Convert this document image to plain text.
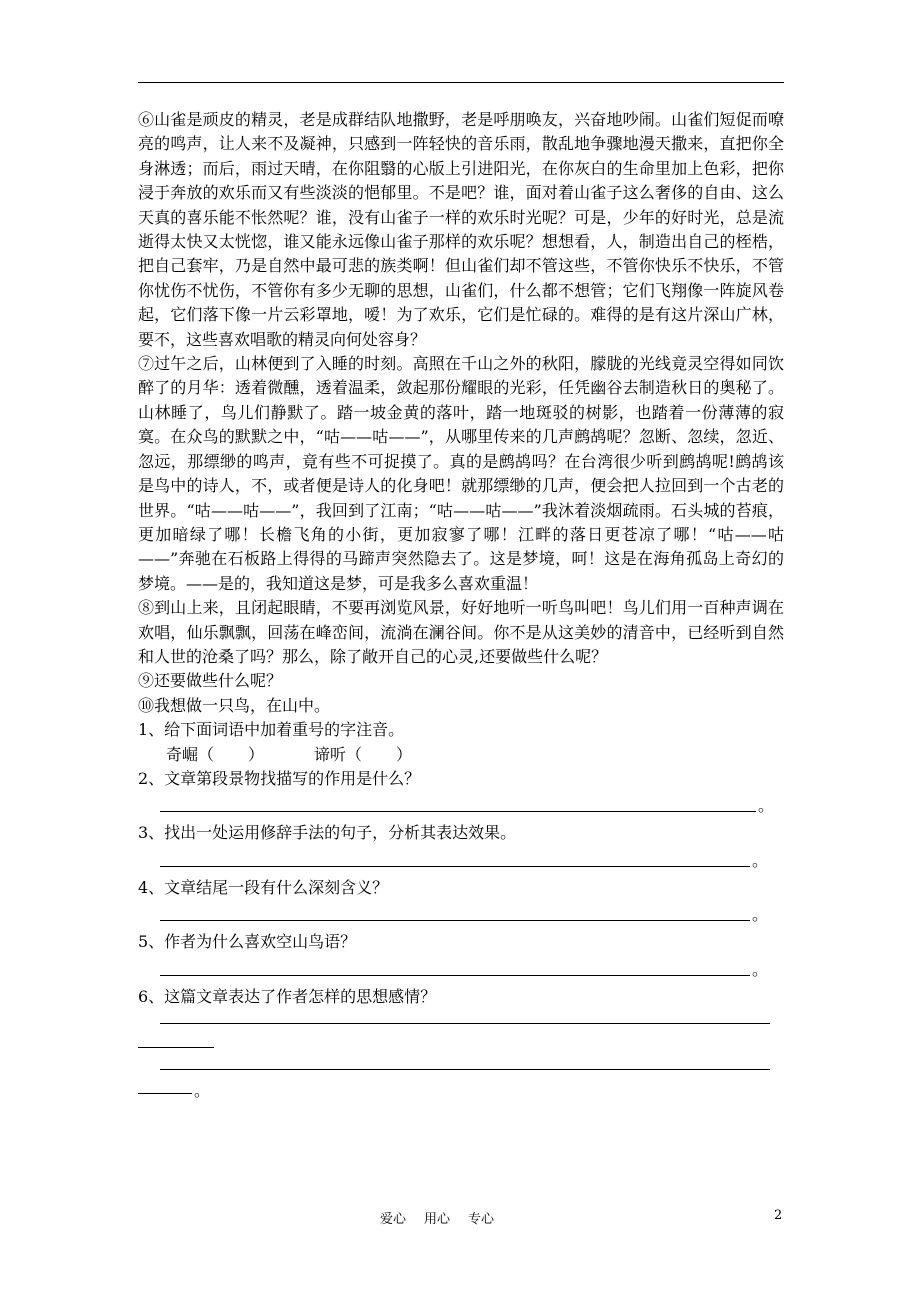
⑥山雀是顽皮的精灵，老是成群结队地撒野，老是呼朋唤友，兴奋地吵闹。山雀们短促而嘹亮的鸣声，让人来不及凝神，只感到一阵轻快的音乐雨，散乱地争骤地漫天撒来，直把你全身淋透；而后，雨过天晴，在你阻翳的心版上引进阳光，在你灰白的生命里加上色彩，把你浸于奔放的欢乐而又有些淡淡的悒郁里。不是吧？谁，面对着山雀子这么奢侈的自由、这么天真的喜乐能不怅然呢？谁，没有山雀子一样的欢乐时光呢？可是，少年的好时光，总是流逝得太快又太恍惚，谁又能永远像山雀子那样的欢乐呢？想想看，人，制造出自己的桎梏，把自己套牢，乃是自然中最可悲的族类啊！但山雀们却不管这些，不管你快乐不快乐，不管你忧伤不忧伤，不管你有多少无聊的思想，山雀们，什么都不想管；它们飞翔像一阵旋风卷起，它们落下像一片云彩罩地，嗳！为了欢乐，它们是忙碌的。难得的是有这片深山广林，要不，这些喜欢唱歌的精灵向何处容身？

⑦过午之后，山林便到了入睡的时刻。高照在千山之外的秋阳，朦胧的光线竟灵空得如同饮醉了的月华：透着微醺，透着温柔，敛起那份耀眼的光彩，任凭幽谷去制造秋日的奥秘了。山林睡了，鸟儿们静默了。踏一坡金黄的落叶，踏一地斑驳的树影，也踏着一份薄薄的寂寞。在众鸟的默默之中，“咕——咕——”，从哪里传来的几声鹧鸪呢？忽断、忽续，忽近、忽远，那缥缈的鸣声，竟有些不可捉摸了。真的是鹧鸪吗？在台湾很少听到鹧鸪呢!鹧鸪该是鸟中的诗人，不，或者便是诗人的化身吧！就那缥缈的几声，便会把人拉回到一个古老的世界。“咕——咕——”，我回到了江南；“咕——咕——”我沐着淡烟疏雨。石头城的苔痕，更加暗绿了哪！长檐飞角的小街，更加寂寥了哪！江畔的落日更苍凉了哪！“咕——咕——”奔驰在石板路上得得的马蹄声突然隐去了。这是梦境，呵！这是在海角孤岛上奇幻的梦境。——是的，我知道这是梦，可是我多么喜欢重温！

⑧到山上来，且闭起眼睛，不要再浏览风景，好好地听一听鸟叫吧！鸟儿们用一百种声调在欢唱，仙乐飘飘，回荡在峰峦间，流淌在澜谷间。你不是从这美妙的清音中，已经听到自然和人世的沧桑了吗？那么，除了敞开自己的心灵,还要做些什么呢？

⑨还要做些什么呢？

⑩我想做一只鸟，在山中。

1、给下面词语中加着重号的字注音。

奇崛（ ）	谛听（ ）

2、文章第段景物找描写的作用是什么？

。

3、找出一处运用修辞手法的句子，分析其表达效果。

。

4、文章结尾一段有什么深刻含义？

。

5、作者为什么喜欢空山鸟语？

。

6、这篇文章表达了作者怎样的思想感情？

。
爱心 用心 专心	2
